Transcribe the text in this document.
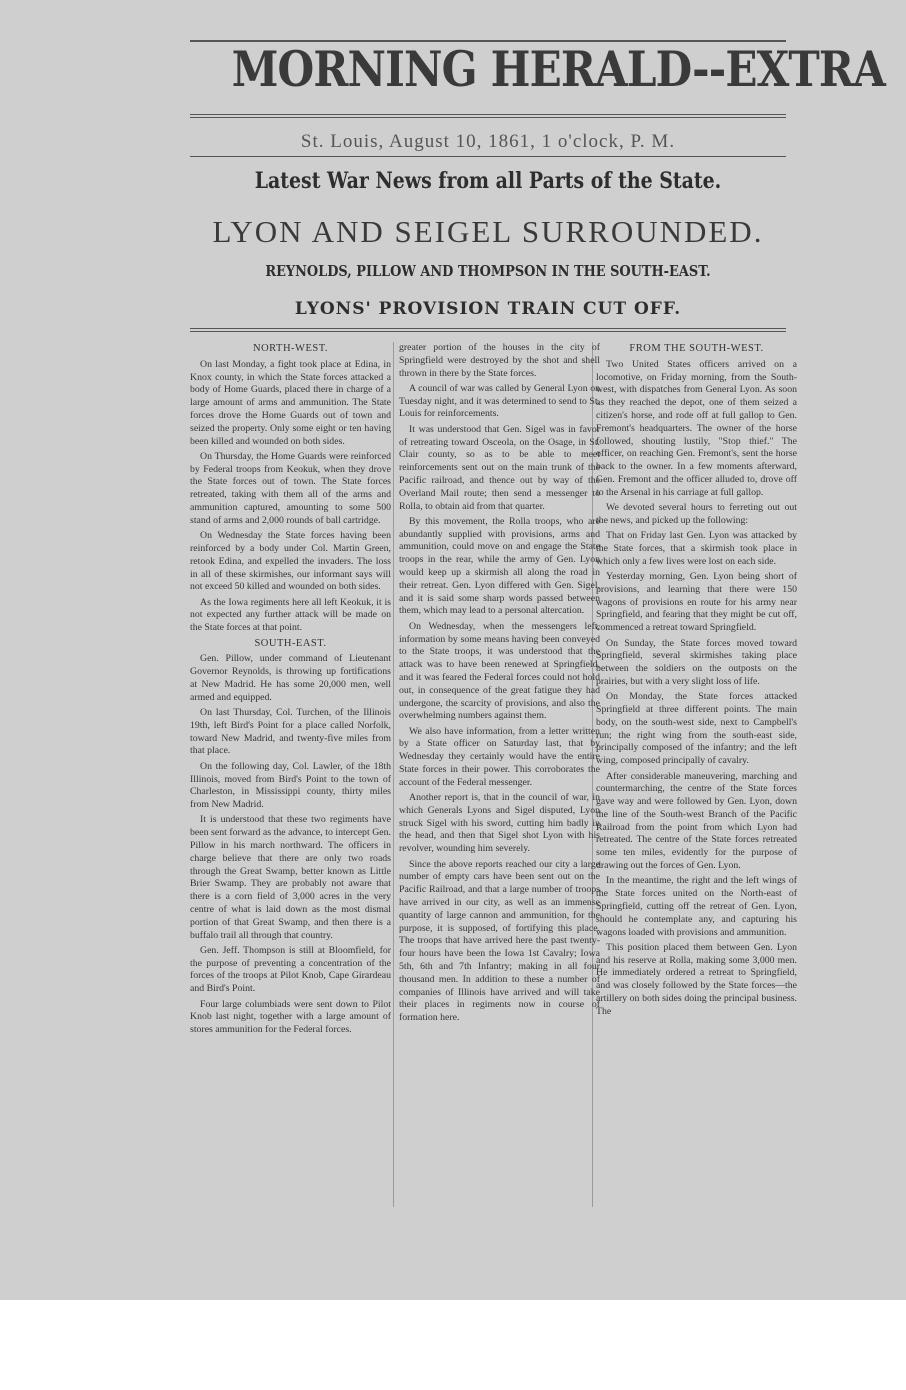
MORNING HERALD--EXTRA
St. Louis, August 10, 1861, 1 o'clock, P. M.
Latest War News from all Parts of the State.
LYON AND SEIGEL SURROUNDED.
REYNOLDS, PILLOW AND THOMPSON IN THE SOUTH-EAST.
LYONS' PROVISION TRAIN CUT OFF.
NORTH-WEST.

On last Monday, a fight took place at Edina, in Knox county, in which the State forces attacked a body of Home Guards, placed there in charge of a large amount of arms and ammunition. The State forces drove the Home Guards out of town and seized the property. Only some eight or ten having been killed and wounded on both sides.

On Thursday, the Home Guards were reinforced by Federal troops from Keokuk, when they drove the State forces out of town. The State forces retreated, taking with them all of the arms and ammunition captured, amounting to some 500 stand of arms and 2,000 rounds of ball cartridge.

On Wednesday the State forces having been reinforced by a body under Col. Martin Green, retook Edina, and expelled the invaders. The loss in all of these skirmishes, our informant says will not exceed 50 killed and wounded on both sides.

As the Iowa regiments here all left Keokuk, it is not expected any further attack will be made on the State forces at that point.

SOUTH-EAST.

Gen. Pillow, under command of Lieutenant Governor Reynolds, is throwing up fortifications at New Madrid. He has some 20,000 men, well armed and equipped.

On last Thursday, Col. Turchen, of the Illinois 19th, left Bird's Point for a place called Norfolk, toward New Madrid, and twenty-five miles from that place.

On the following day, Col. Lawler, of the 18th Illinois, moved from Bird's Point to the town of Charleston, in Mississippi county, thirty miles from New Madrid.

It is understood that these two regiments have been sent forward as the advance, to intercept Gen. Pillow in his march northward. The officers in charge believe that there are only two roads through the Great Swamp, better known as Little Brier Swamp. They are probably not aware that there is a corn field of 3,000 acres in the very centre of what is laid down as the most dismal portion of that Great Swamp, and then there is a buffalo trail all through that country.

Gen. Jeff. Thompson is still at Bloomfield, for the purpose of preventing a concentration of the forces of the troops at Pilot Knob, Cape Girardeau and Bird's Point.

Four large columbiads were sent down to Pilot Knob last night, together with a large amount of stores ammunition for the Federal forces.

greater portion of the houses in the city of Springfield were destroyed by the shot and shell thrown in there by the State forces.

A council of war was called by General Lyon on Tuesday night, and it was determined to send to St. Louis for reinforcements.

It was understood that Gen. Sigel was in favor of retreating toward Osceola, on the Osage, in St. Clair county, so as to be able to meet reinforcements sent out on the main trunk of the Pacific railroad, and thence out by way of the Overland Mail route; then send a messenger to Rolla, to obtain aid from that quarter.

By this movement, the Rolla troops, who are abundantly supplied with provisions, arms and ammunition, could move on and engage the State troops in the rear, while the army of Gen. Lyon would keep up a skirmish all along the road in their retreat. Gen. Lyon differed with Gen. Sigel, and it is said some sharp words passed between them, which may lead to a personal altercation.

On Wednesday, when the messengers left, information by some means having been conveyed to the State troops, it was understood that the attack was to have been renewed at Springfield, and it was feared the Federal forces could not hold out, in consequence of the great fatigue they had undergone, the scarcity of provisions, and also the overwhelming numbers against them.

We also have information, from a letter written by a State officer on Saturday last, that by Wednesday they certainly would have the entire State forces in their power. This corroborates the account of the Federal messenger.

Another report is, that in the council of war, in which Generals Lyons and Sigel disputed, Lyon struck Sigel with his sword, cutting him badly in the head, and then that Sigel shot Lyon with his revolver, wounding him severely.

Since the above reports reached our city a large number of empty cars have been sent out on the Pacific Railroad, and that a large number of troops have arrived in our city, as well as an immense quantity of large cannon and ammunition, for the purpose, it is supposed, of fortifying this place. The troops that have arrived here the past twenty-four hours have been the Iowa 1st Cavalry; Iowa 5th, 6th and 7th Infantry; making in all four thousand men. In addition to these a number of companies of Illinois have arrived and will take their places in regiments now in course of formation here.

FROM THE SOUTH-WEST.

Two United States officers arrived on a locomotive, on Friday morning, from the South-west, with dispatches from General Lyon. As soon as they reached the depot, one of them seized a citizen's horse, and rode off at full gallop to Gen. Fremont's headquarters. The owner of the horse followed, shouting lustily, "Stop thief." The officer, on reaching Gen. Fremont's, sent the horse back to the owner. In a few moments afterward, Gen. Fremont and the officer alluded to, drove off to the Arsenal in his carriage at full gallop.

We devoted several hours to ferreting out out the news, and picked up the following:

That on Friday last Gen. Lyon was attacked by the State forces, that a skirmish took place in which only a few lives were lost on each side.

Yesterday morning, Gen. Lyon being short of provisions, and learning that there were 150 wagons of provisions en route for his army near Springfield, and fearing that they might be cut off, commenced a retreat toward Springfield.

On Sunday, the State forces moved toward Springfield, several skirmishes taking place between the soldiers on the outposts on the prairies, but with a very slight loss of life.

On Monday, the State forces attacked Springfield at three different points. The main body, on the south-west side, next to Campbell's run; the right wing from the south-east side, principally composed of the infantry; and the left wing, composed principally of cavalry.

After considerable maneuvering, marching and countermarching, the centre of the State forces gave way and were followed by Gen. Lyon, down the line of the South-west Branch of the Pacific Railroad from the point from which Lyon had retreated. The centre of the State forces retreated some ten miles, evidently for the purpose of drawing out the forces of Gen. Lyon.

In the meantime, the right and the left wings of the State forces united on the North-east of Springfield, cutting off the retreat of Gen. Lyon, should he contemplate any, and capturing his wagons loaded with provisions and ammunition.

This position placed them between Gen. Lyon and his reserve at Rolla, making some 3,000 men. He immediately ordered a retreat to Springfield, and was closely followed by the State forces—the artillery on both sides doing the principal business. The
